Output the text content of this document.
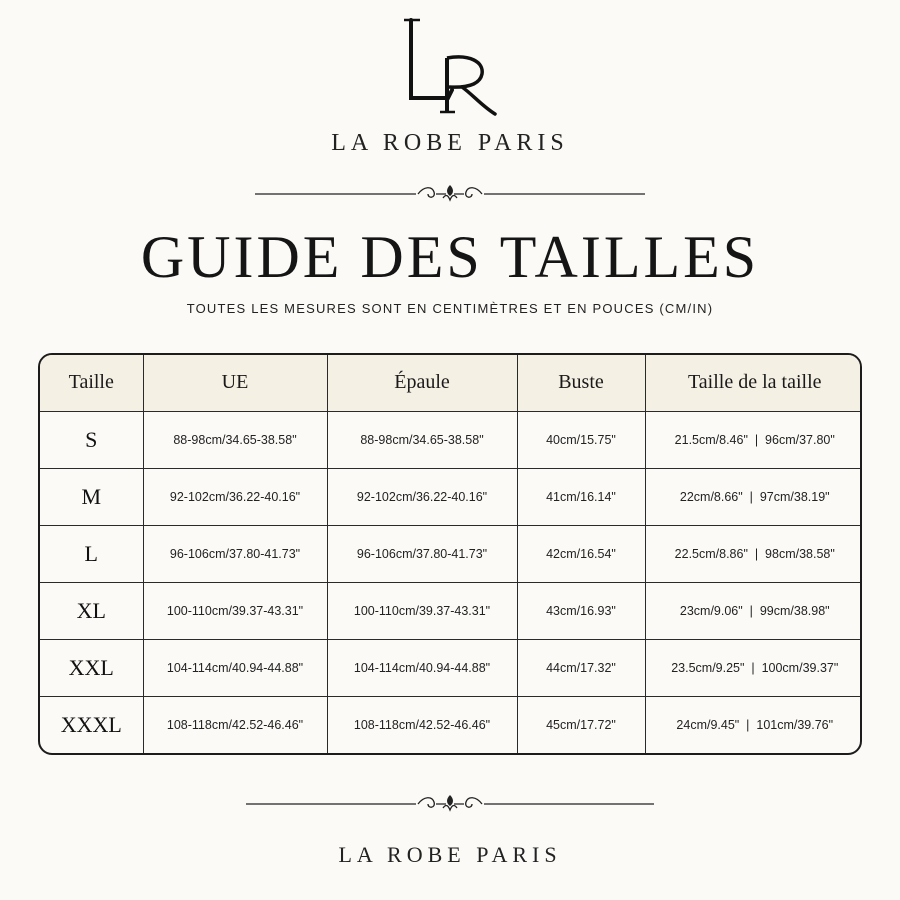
LA ROBE PARIS
GUIDE DES TAILLES
TOUTES LES MESURES SONT EN CENTIMÈTRES ET EN POUCES (CM/IN)
Taille	UE	Épaule	Buste	Taille de la taille
S	88-98cm/34.65-38.58"	88-98cm/34.65-38.58"	40cm/15.75"	21.5cm/8.46"  |  96cm/37.80"
M	92-102cm/36.22-40.16"	92-102cm/36.22-40.16"	41cm/16.14"	22cm/8.66"  |  97cm/38.19"
L	96-106cm/37.80-41.73"	96-106cm/37.80-41.73"	42cm/16.54"	22.5cm/8.86"  |  98cm/38.58"
XL	100-110cm/39.37-43.31"	100-110cm/39.37-43.31"	43cm/16.93"	23cm/9.06"  |  99cm/38.98"
XXL	104-114cm/40.94-44.88"	104-114cm/40.94-44.88"	44cm/17.32"	23.5cm/9.25"  |  100cm/39.37"
XXXL	108-118cm/42.52-46.46"	108-118cm/42.52-46.46"	45cm/17.72"	24cm/9.45"  |  101cm/39.76"
LA ROBE PARIS
